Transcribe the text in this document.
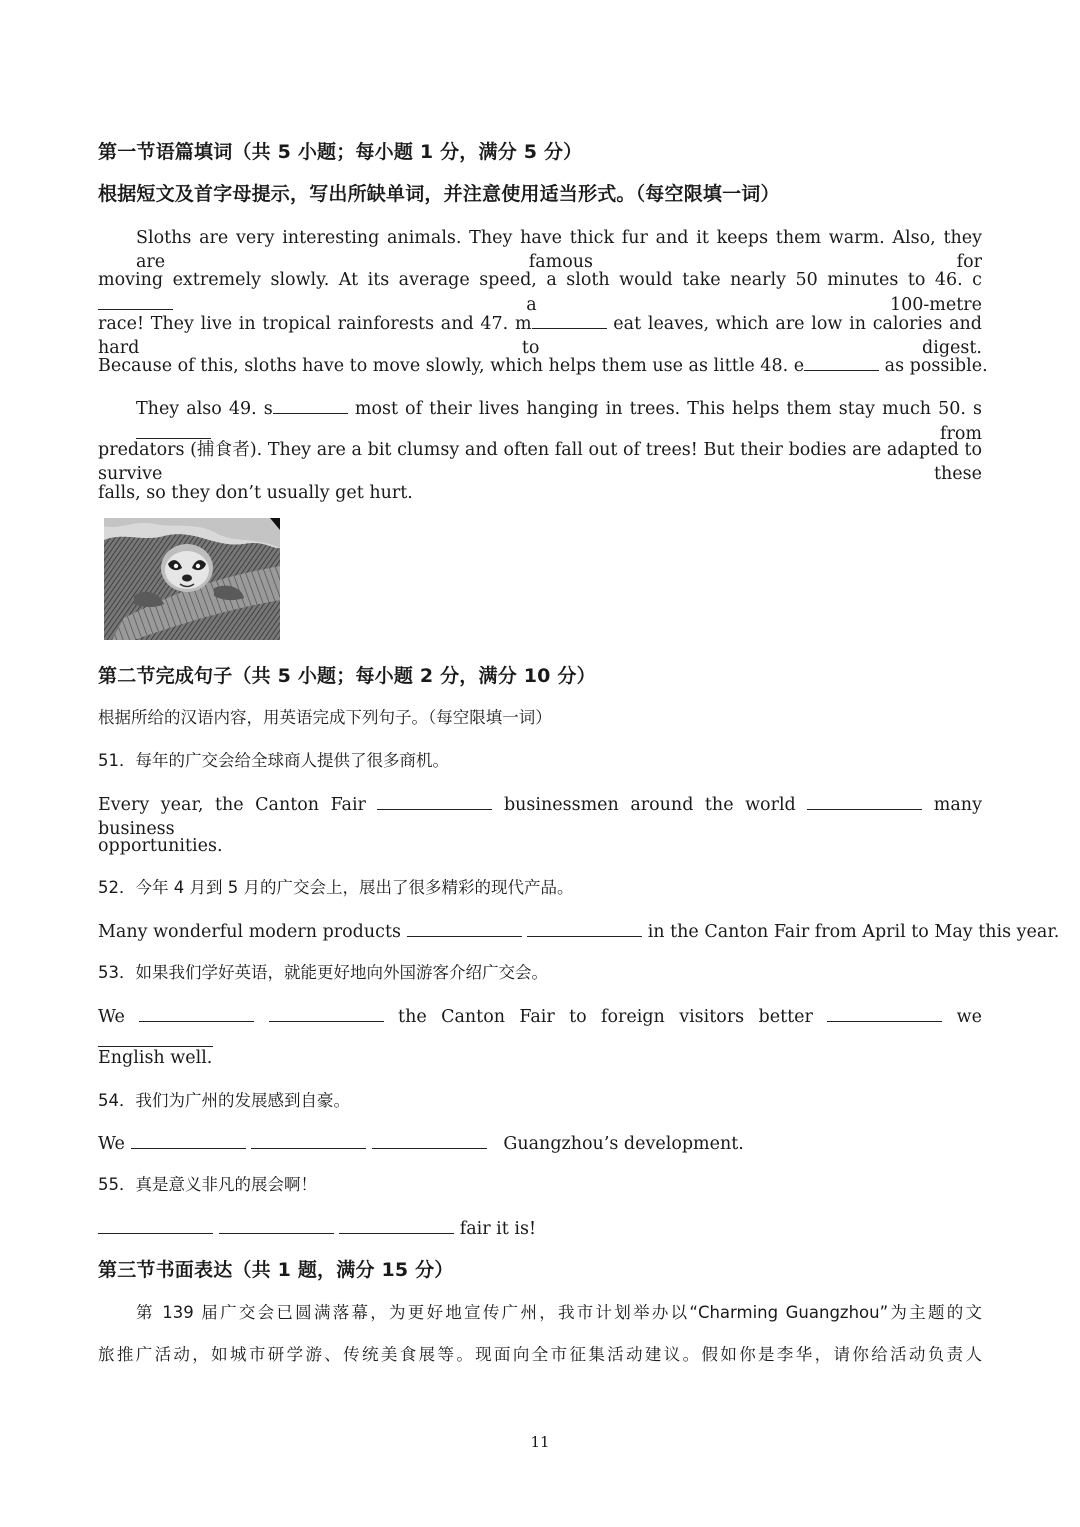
第一节语篇填词（共 5 小题；每小题 1 分，满分 5 分）
根据短文及首字母提示，写出所缺单词，并注意使用适当形式。（每空限填一词）
Sloths are very interesting animals. They have thick fur and it keeps them warm. Also, they are famous for
moving extremely slowly. At its average speed, a sloth would take nearly 50 minutes to 46. c a 100-metre
race! They live in tropical rainforests and 47. m	eat leaves, which are low in calories and hard to digest.
Because of this, sloths have to move slowly, which helps them use as little 48. e	as possible.
They also 49. s	most of their lives hanging in trees. This helps them stay much 50. s from
predators (捕食者). They are a bit clumsy and often fall out of trees! But their bodies are adapted to survive these
falls, so they don’t usually get hurt.
第二节完成句子（共 5 小题；每小题 2 分，满分 10 分）
根据所给的汉语内容，用英语完成下列句子。（每空限填一词）
51．每年的广交会给全球商人提供了很多商机。
Every year, the Canton Fair	businessmen around the world	many business
opportunities.
52．今年 4 月到 5 月的广交会上，展出了很多精彩的现代产品。
Many wonderful modern products	in the Canton Fair from April to May this year.
53．如果我们学好英语，就能更好地向外国游客介绍广交会。
We	the Canton Fair to foreign visitors better	we
English well.
54．我们为广州的发展感到自豪。
We	Guangzhou’s development.
55．真是意义非凡的展会啊！
fair it is!
第三节书面表达（共 1 题，满分 15 分）
第 139 届广交会已圆满落幕，为更好地宣传广州，我市计划举办以“Charming Guangzhou”为主题的文
旅推广活动，如城市研学游、传统美食展等。现面向全市征集活动建议。假如你是李华，请你给活动负责人
11
